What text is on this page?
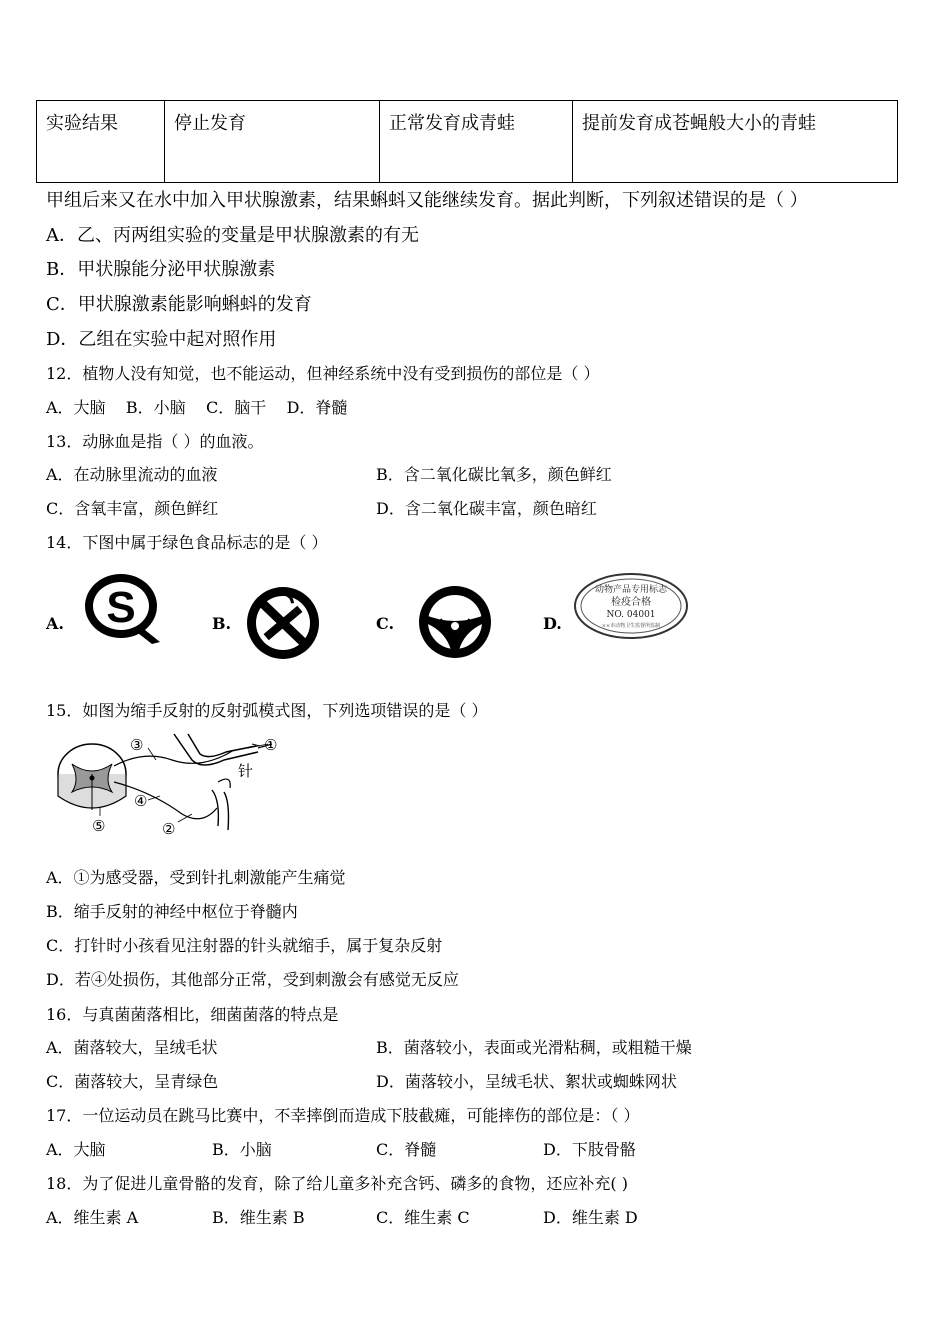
实验结果	停止发育	正常发育成青蛙	提前发育成苍蝇般大小的青蛙
甲组后来又在水中加入甲状腺激素，结果蝌蚪又能继续发育。据此判断，下列叙述错误的是（ ）
A．乙、丙两组实验的变量是甲状腺激素的有无
B．甲状腺能分泌甲状腺激素
C．甲状腺激素能影响蝌蚪的发育
D．乙组在实验中起对照作用
12．植物人没有知觉，也不能运动，但神经系统中没有受到损伤的部位是（ ）
A．大脑    B．小脑    C．脑干    D．脊髓
13．动脉血是指（ ）的血液。
A．在动脉里流动的血液	B．含二氧化碳比氧多，颜色鲜红
C．含氧丰富，颜色鲜红	D．含二氧化碳丰富，颜色暗红
14．下图中属于绿色食品标志的是（ ）
A. S	B.	C.	D.
动物产品专用标志
检疫合格
NO. 04001
××市动物卫生监督所监制
15．如图为缩手反射的反射弧模式图，下列选项错误的是（ ）
①
针
③
④
⑤	②
A．①为感受器，受到针扎刺激能产生痛觉
B．缩手反射的神经中枢位于脊髓内
C．打针时小孩看见注射器的针头就缩手，属于复杂反射
D．若④处损伤，其他部分正常，受到刺激会有感觉无反应
16．与真菌菌落相比，细菌菌落的特点是
A．菌落较大，呈绒毛状	B．菌落较小，表面或光滑粘稠，或粗糙干燥
C．菌落较大，呈青绿色	D．菌落较小，呈绒毛状、絮状或蜘蛛网状
17．一位运动员在跳马比赛中，不幸摔倒而造成下肢截瘫，可能摔伤的部位是：（ ）
A．大脑	B．小脑	C．脊髓	D．下肢骨骼
18．为了促进儿童骨骼的发育，除了给儿童多补充含钙、磷多的食物，还应补充( )
A．维生素 A	B．维生素 B	C．维生素 C	D．维生素 D
